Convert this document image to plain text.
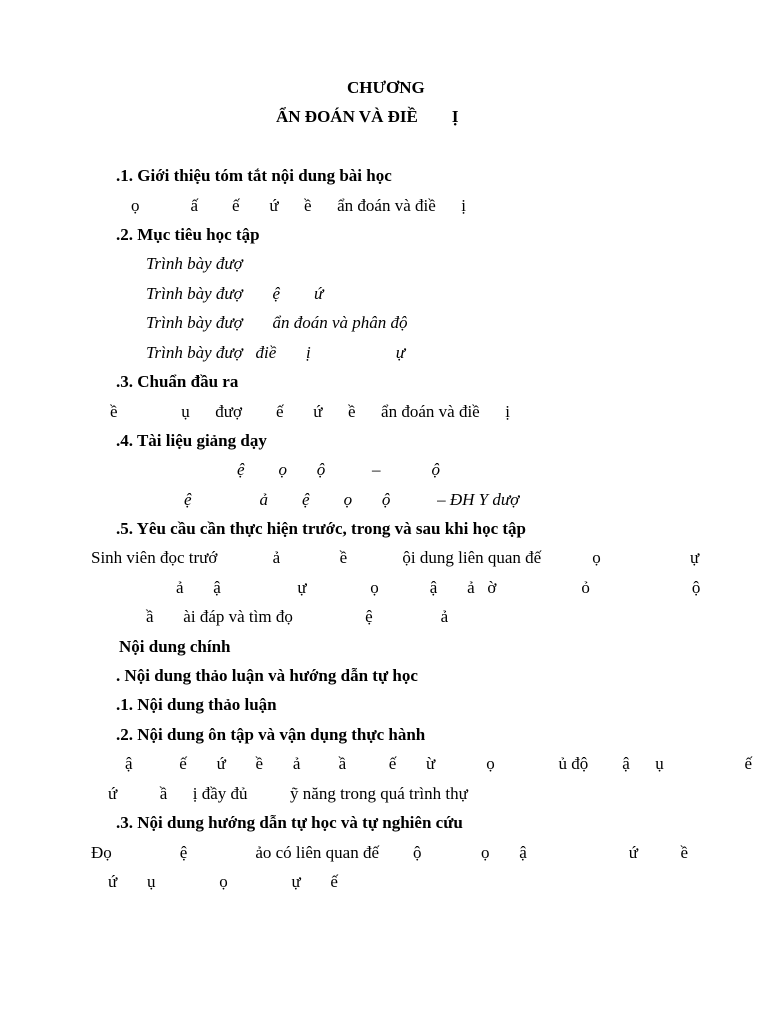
CHƯƠNG
ẨN ĐOÁN VÀ ĐIỀ        Ị
.1. Giới thiệu tóm tắt nội dung bài học
ọ            ấ        ế       ứ      ề      ẩn đoán và điề      ị
.2. Mục tiêu học tập
Trình bày đượ
Trình bày đượ       ệ        ứ
Trình bày đượ       ẩn đoán và phân độ
Trình bày đượ   điề       ị                    ự
.3. Chuẩn đầu ra
ề               ụ      đượ        ế       ứ      ề      ẩn đoán và điề      ị
.4. Tài liệu giảng dạy
ệ        ọ       ộ           –            ộ
ệ                ả        ệ        ọ       ộ           – ĐH Y dượ
.5. Yêu cầu cần thực hiện trước, trong và sau khi học tập
Sinh viên đọc trướ             ả              ề             ội dung liên quan đế            ọ                     ự
ả       ậ                  ự               ọ            ậ       ả   ờ                    ỏ                        ộ
ầ       ài đáp và tìm đọ                 ệ                ả
Nội dung chính
. Nội dung thảo luận và hướng dẫn tự học
.1. Nội dung thảo luận
.2. Nội dung ôn tập và vận dụng thực hành
ậ           ế       ứ       ề       ả         ầ          ế       ừ            ọ               ủ độ        ậ      ụ                   ế
ứ          ầ      ị đầy đủ          ỹ năng trong quá trình thự
.3. Nội dung hướng dẫn tự học và tự nghiên cứu
Đọ                ệ                ảo có liên quan đế        ộ              ọ       ậ                        ứ          ề
ứ       ụ               ọ               ự       ế
